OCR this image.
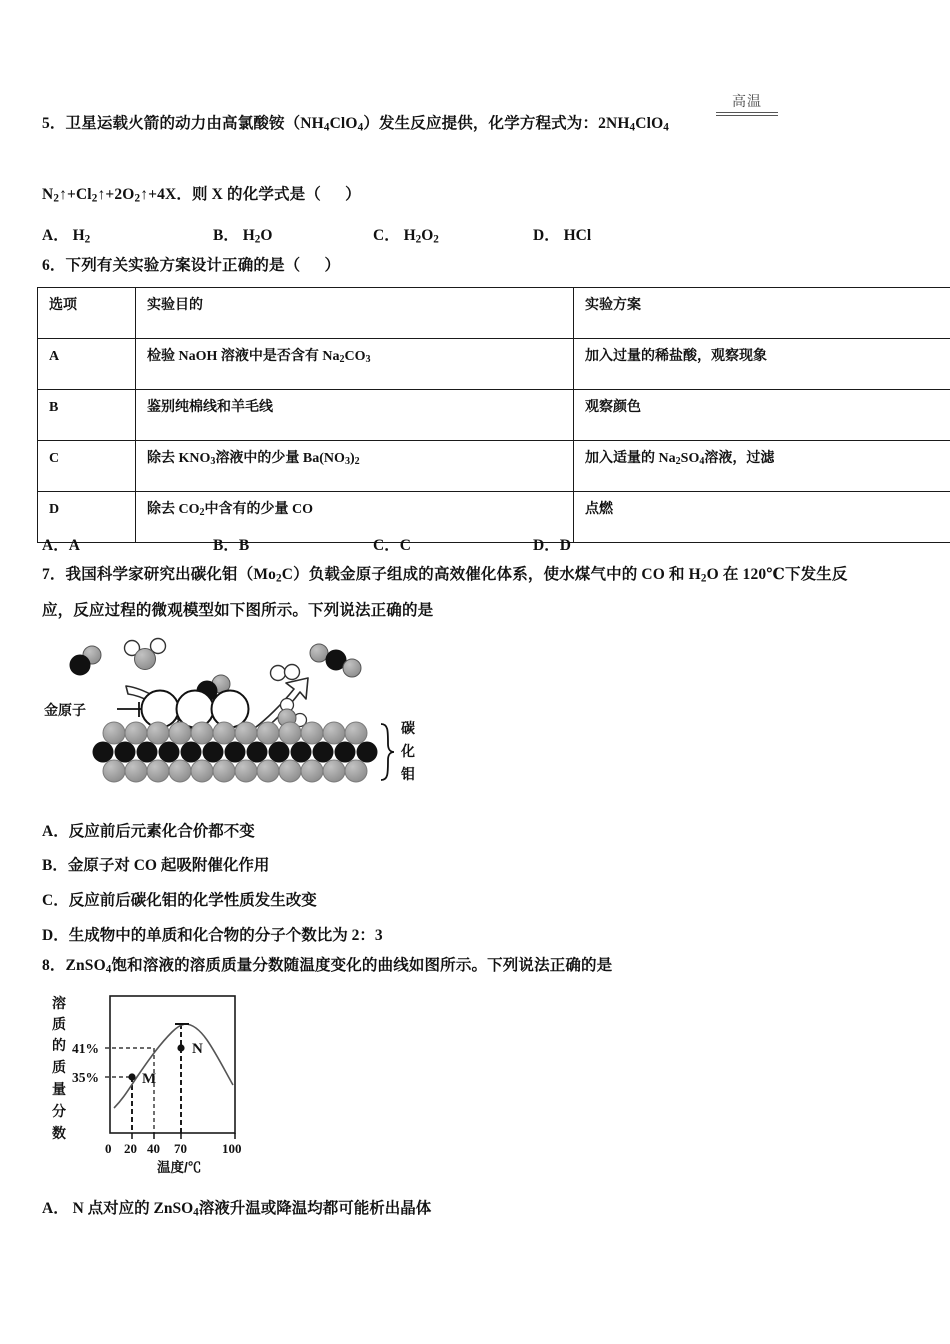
高温
5．卫星运载火箭的动力由高氯酸铵$(NH_4ClO_4)$发生反应提供，化学方程式为：$2NH_4ClO_4$
$N_2↑+Cl_2↑+2O_2↑+4X$．则 X 的化学式是（      ）
A． $H_2$	B． $H_2O$	C． $H_2O_2$	D． HCl
6．下列有关实验方案设计正确的是（      ）
选项	实验目的	实验方案
A	检验 NaOH 溶液中是否含有 $Na_2CO_3$	加入过量的稀盐酸，观察现象
B	鉴别纯棉线和羊毛线	观察颜色
C	除去 $KNO_3$溶液中的少量 $Ba(NO_3)_2$	加入适量的 $Na_2SO_4$溶液，过滤
D	除去 $CO_2$中含有的少量 CO	点燃
A．A	B．B	C．C	D．D
7．我国科学家研究出碳化钼$(Mo_2C)$负载金原子组成的高效催化体系，使水煤气中的 CO 和 $H_2O$ 在 120℃下发生反
应，反应过程的微观模型如下图所示。下列说法正确的是
金原子
碳
化
钼
A．反应前后元素化合价都不变
B．金原子对 CO 起吸附催化作用
C．反应前后碳化钼的化学性质发生改变
D．生成物中的单质和化合物的分子个数比为 2：3
8．ZnSO$_4$饱和溶液的溶质质量分数随温度变化的曲线如图所示。下列说法正确的是
溶
质
的
质
量
分
数
41%
35%	M
N
0 20 40 70	100
温度/℃
A． N 点对应的 ZnSO$_4$溶液升温或降温均都可能析出晶体
